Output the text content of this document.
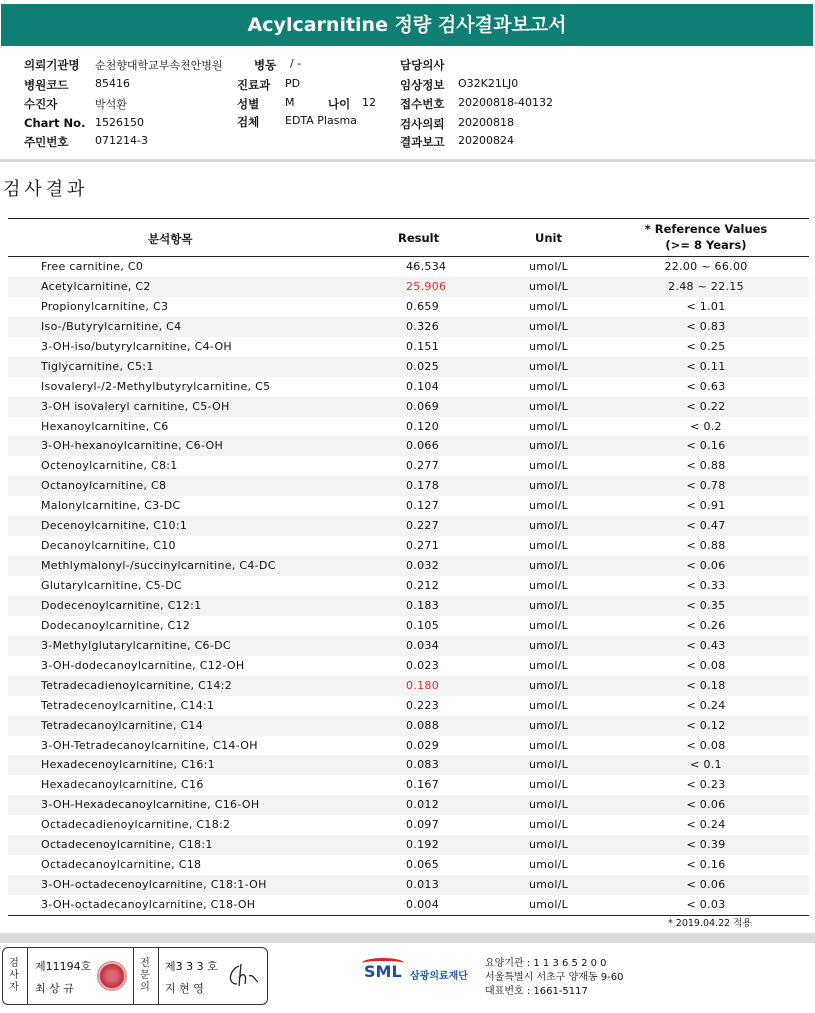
Acylcarnitine 정량 검사결과보고서
의뢰기관명 순천향대학교부속천안병원	병동 / -	담당의사
병원코드 85416	진료과 PD	임상정보 O32K21LJ0
수진자	박석환	성별 M	나이 12 접수번호 20200818-40132
Chart No. 1526150	검체 EDTA Plasma	검사의뢰 20200818
주민번호 071214-3	결과보고 20200824
검사결과
분석항목	Result	Unit
* Reference Values
(>= 8 Years)
Free carnitine, C0	46.534	umol/L	22.00 ~ 66.00
Acetylcarnitine, C2	25.906	umol/L	2.48 ~ 22.15
Propionylcarnitine, C3	0.659	umol/L	< 1.01
Iso-/Butyrylcarnitine, C4	0.326	umol/L	< 0.83
3-OH-iso/butyrylcarnitine, C4-OH	0.151	umol/L	< 0.25
Tiglycarnitine, C5:1	0.025	umol/L	< 0.11
Isovaleryl-/2-Methylbutyrylcarnitine, C5	0.104	umol/L	< 0.63
3-OH isovaleryl carnitine, C5-OH	0.069	umol/L	< 0.22
Hexanoylcarnitine, C6	0.120	umol/L	< 0.2
3-OH-hexanoylcarnitine, C6-OH	0.066	umol/L	< 0.16
Octenoylcarnitine, C8:1	0.277	umol/L	< 0.88
Octanoylcarnitine, C8	0.178	umol/L	< 0.78
Malonylcarnitine, C3-DC	0.127	umol/L	< 0.91
Decenoylcarnitine, C10:1	0.227	umol/L	< 0.47
Decanoylcarnitine, C10	0.271	umol/L	< 0.88
Methlymalonyl-/succinylcarnitine, C4-DC	0.032	umol/L	< 0.06
Glutarylcarnitine, C5-DC	0.212	umol/L	< 0.33
Dodecenoylcarnitine, C12:1	0.183	umol/L	< 0.35
Dodecanoylcarnitine, C12	0.105	umol/L	< 0.26
3-Methylglutarylcarnitine, C6-DC	0.034	umol/L	< 0.43
3-OH-dodecanoylcarnitine, C12-OH	0.023	umol/L	< 0.08
Tetradecadienoylcarnitine, C14:2	0.180	umol/L	< 0.18
Tetradecenoylcarnitine, C14:1	0.223	umol/L	< 0.24
Tetradecanoylcarnitine, C14	0.088	umol/L	< 0.12
3-OH-Tetradecanoylcarnitine, C14-OH	0.029	umol/L	< 0.08
Hexadecenoylcarnitine, C16:1	0.083	umol/L	< 0.1
Hexadecanoylcarnitine, C16	0.167	umol/L	< 0.23
3-OH-Hexadecanoylcarnitine, C16-OH	0.012	umol/L	< 0.06
Octadecadienoylcarnitine, C18:2	0.097	umol/L	< 0.24
Octadecenoylcarnitine, C18:1	0.192	umol/L	< 0.39
Octadecanoylcarnitine, C18	0.065	umol/L	< 0.16
3-OH-octadecenoylcarnitine, C18:1-OH	0.013	umol/L	< 0.06
3-OH-octadecanoylcarnitine, C18-OH	0.004	umol/L	< 0.03
* 2019.04.22 적용
검사자
제11194호
최 상 규
전문의
제3 3 3 호
지 현 영
SML 삼광의료재단
요양기관 : 1 1 3 6 5 2 0 0
서울특별시 서초구 양재동 9-60
대표번호 : 1661-5117
